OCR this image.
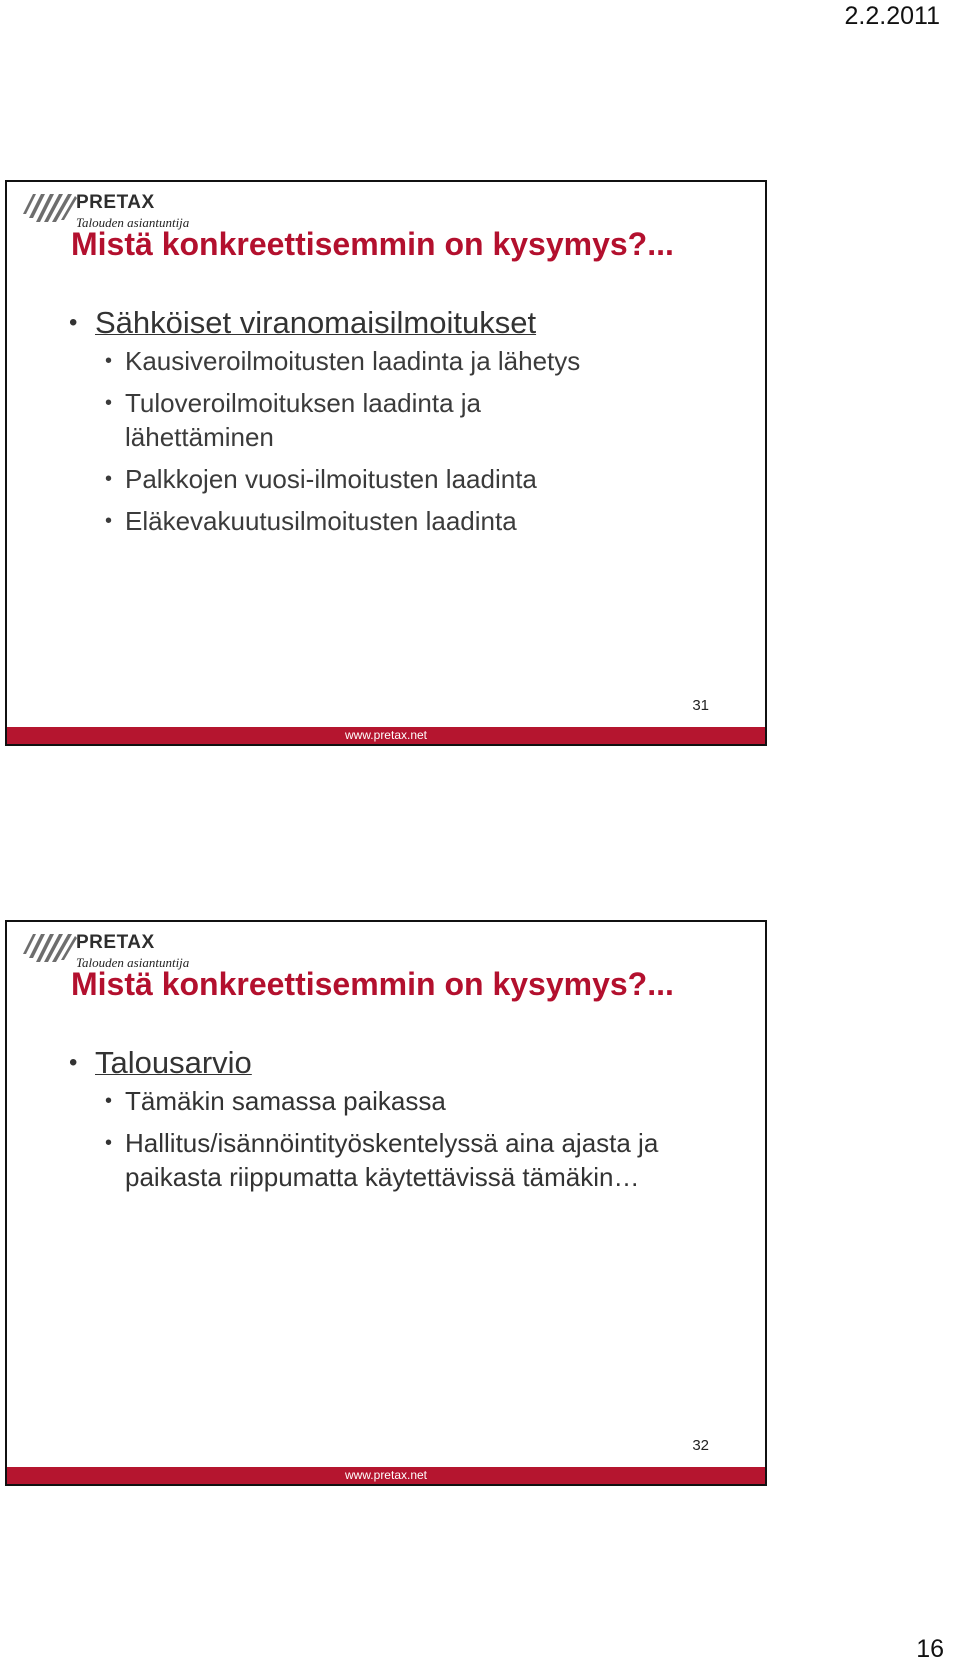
2.2.2011
PRETAX
Talouden asiantuntija
Mistä konkreettisemmin on kysymys?...
• Sähköiset viranomaisilmoitukset
• Kausiveroilmoitusten laadinta ja lähetys
• Tuloveroilmoituksen laadinta ja lähettäminen
• Palkkojen vuosi-ilmoitusten laadinta
• Eläkevakuutusilmoitusten laadinta
31
www.pretax.net
PRETAX
Talouden asiantuntija
Mistä konkreettisemmin on kysymys?...
• Talousarvio
• Tämäkin samassa paikassa
• Hallitus/isännöintityöskentelyssä aina ajasta ja paikasta riippumatta käytettävissä tämäkin…
32
www.pretax.net
16
